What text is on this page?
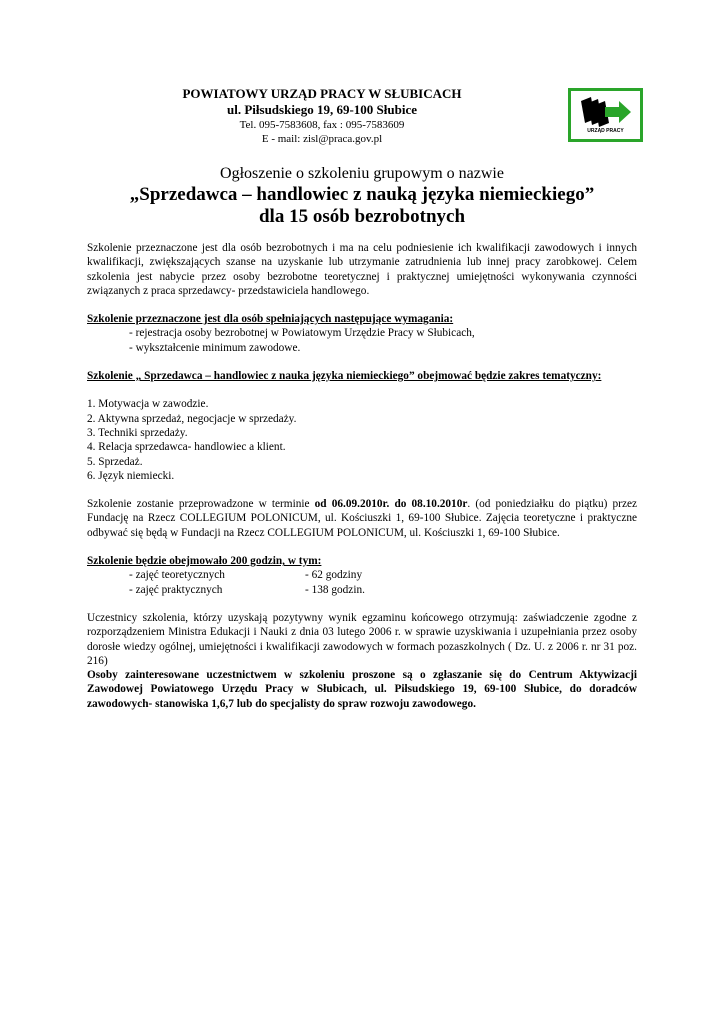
POWIATOWY URZĄD PRACY W SŁUBICACH
ul. Piłsudskiego 19, 69-100 Słubice
Tel. 095-7583608, fax : 095-7583609
E - mail: zisl@praca.gov.pl
URZĄD PRACY
Ogłoszenie o szkoleniu grupowym o nazwie
„Sprzedawca – handlowiec z nauką języka niemieckiego”
dla 15 osób bezrobotnych

Szkolenie przeznaczone jest dla osób bezrobotnych i ma na celu podniesienie ich kwalifikacji zawodowych i innych kwalifikacji, zwiększających szanse na uzyskanie lub utrzymanie zatrudnienia lub innej pracy zarobkowej. Celem szkolenia jest nabycie przez osoby bezrobotne teoretycznej i praktycznej umiejętności wykonywania czynności związanych z praca sprzedawcy- przedstawiciela handlowego.

Szkolenie przeznaczone jest dla osób spełniających następujące wymagania:
- rejestracja osoby bezrobotnej w Powiatowym Urzędzie Pracy w Słubicach,
- wykształcenie minimum zawodowe.

Szkolenie „ Sprzedawca – handlowiec z nauka języka niemieckiego” obejmować będzie zakres tematyczny:

1. Motywacja w zawodzie.
2. Aktywna sprzedaż, negocjacje w sprzedaży.
3. Techniki sprzedaży.
4. Relacja sprzedawca- handlowiec a klient.
5. Sprzedaż.
6. Język niemiecki.

Szkolenie zostanie przeprowadzone w terminie od 06.09.2010r. do 08.10.2010r. (od poniedziałku do piątku) przez Fundację na Rzecz COLLEGIUM POLONICUM, ul. Kościuszki 1, 69-100 Słubice. Zajęcia teoretyczne i praktyczne odbywać się będą w Fundacji na Rzecz COLLEGIUM POLONICUM, ul. Kościuszki 1, 69-100 Słubice.

Szkolenie będzie obejmowało 200 godzin, w tym:
- zajęć teoretycznych	- 62 godziny
- zajęć praktycznych	- 138 godzin.

Uczestnicy szkolenia, którzy uzyskają pozytywny wynik egzaminu końcowego otrzymują: zaświadczenie zgodne z rozporządzeniem Ministra Edukacji i Nauki z dnia 03 lutego 2006 r. w sprawie uzyskiwania i uzupełniania przez osoby dorosłe wiedzy ogólnej, umiejętności i kwalifikacji zawodowych w formach pozaszkolnych ( Dz. U. z 2006 r. nr 31 poz. 216)

Osoby zainteresowane uczestnictwem w szkoleniu proszone są o zgłaszanie się do Centrum Aktywizacji Zawodowej Powiatowego Urzędu Pracy w Słubicach, ul. Piłsudskiego 19, 69-100 Słubice, do doradców zawodowych- stanowiska 1,6,7 lub do specjalisty do spraw rozwoju zawodowego.
